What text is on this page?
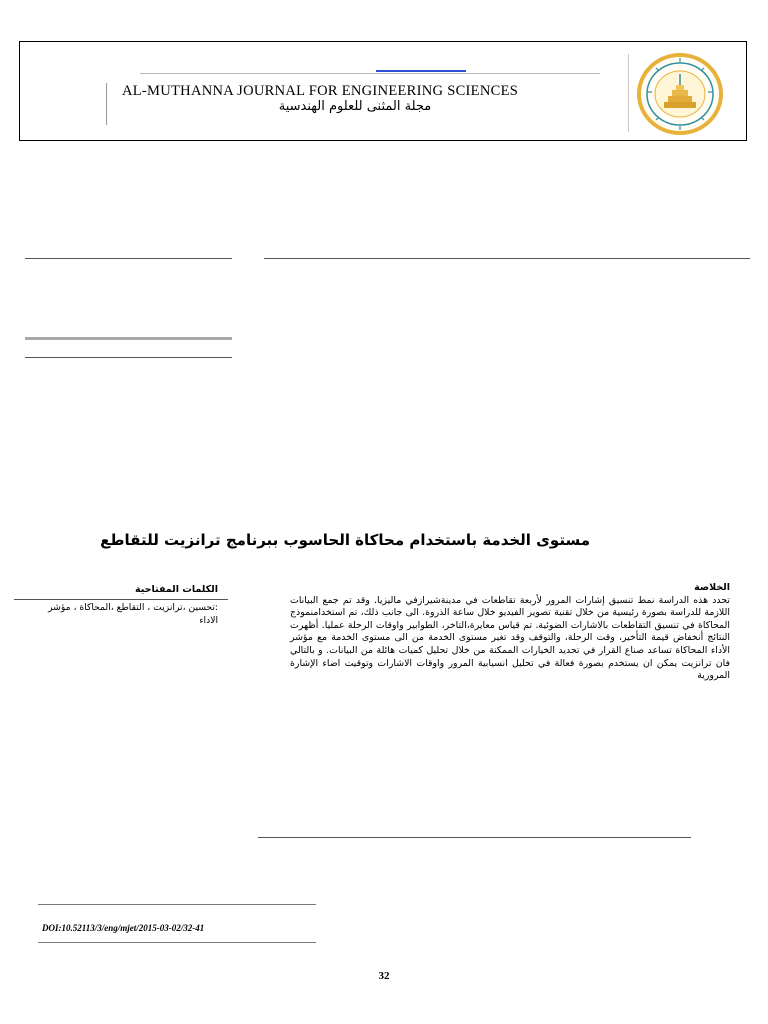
AL-MUTHANNA JOURNAL FOR ENGINEERING SCIENCES
مجلة المثنى للعلوم الهندسية
مستوى الخدمة باستخدام محاكاة الحاسوب ببرنامج ترانزيت للتقاطع
الخلاصة
تحدد هذه الدراسة نمط تنسيق إشارات المرور لأربعة تقاطعات في مدينةشيرازفي ماليزيا. وقد تم جمع البيانات اللازمة للدراسة بصورة رئيسية من خلال تقنية تصوير الفيديو خلال ساعة الذروة. الى جانب ذلك، تم استخدامنموذج المحاكاة في تنسيق التقاطعات بالاشارات الضوئية. تم قياس معايرة،التاخر، الطوابير واوقات الرحلة عمليا. أظهرت النتائج أنخفاض قيمة التأخير، وقت الرحلة، والتوقف وقد تغير مستوى الخدمة من الى مستوى الخدمة مع مؤشر الأداء المحاكاة تساعد صناع القرار في تحديد الخيارات الممكنة من خلال تحليل كميات هائلة من البيانات. و بالتالي فان ترانزيت يمكن ان يستخدم بصورة فعالة في تحليل انسيابية المرور واوقات الاشارات وتوقيت اضاء الإشارة المرورية
الكلمات المفتاحية
:تحسين ،ترانزيت ، التقاطع ،المحاكاة ، مؤشر الاداء
DOI:10.52113/3/eng/mjet/2015-03-02/32-41
32
